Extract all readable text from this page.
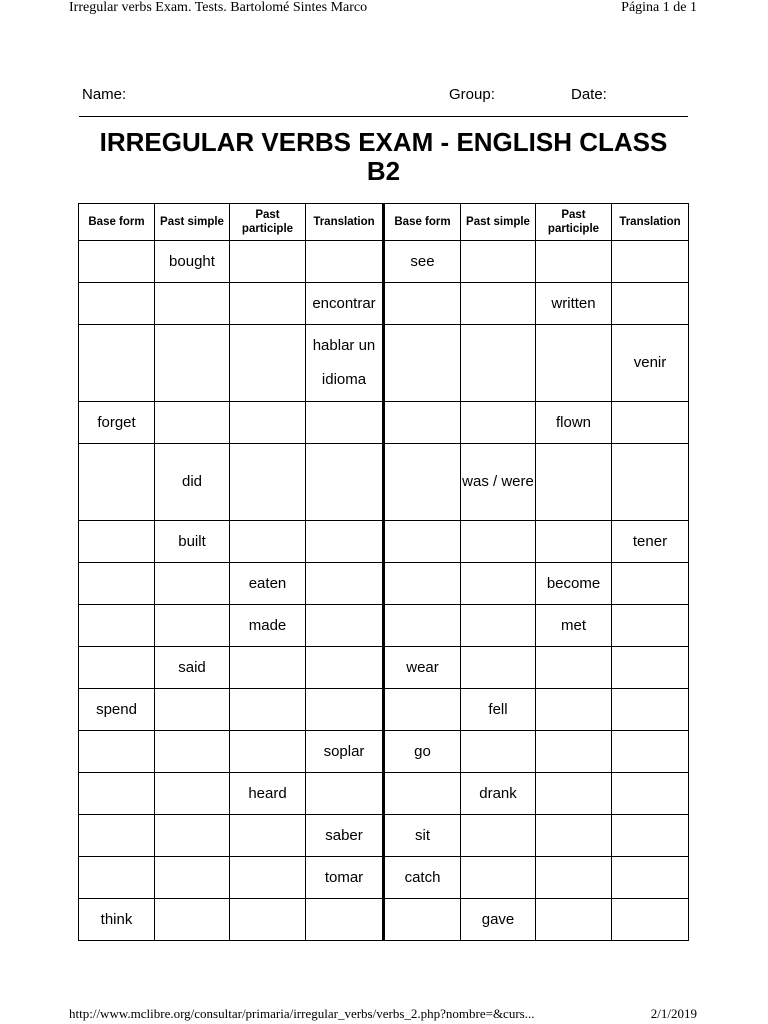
Irregular verbs Exam. Tests. Bartolomé Sintes Marco	Página 1 de 1
Name:	Group:	Date:
IRREGULAR VERBS EXAM - ENGLISH CLASS
B2
Base form	Past simple	Past participle	Translation	Base form	Past simple	Past participle	Translation
	bought			see			
			encontrar			written	
			hablar un idioma				venir
forget						flown	
	did				was / were		
	built						tener
		eaten				become	
		made				met	
	said			wear			
spend					fell		
			soplar	go			
		heard			drank		
			saber	sit			
			tomar	catch			
think					gave		
http://www.mclibre.org/consultar/primaria/irregular_verbs/verbs_2.php?nombre=&curs...	2/1/2019
